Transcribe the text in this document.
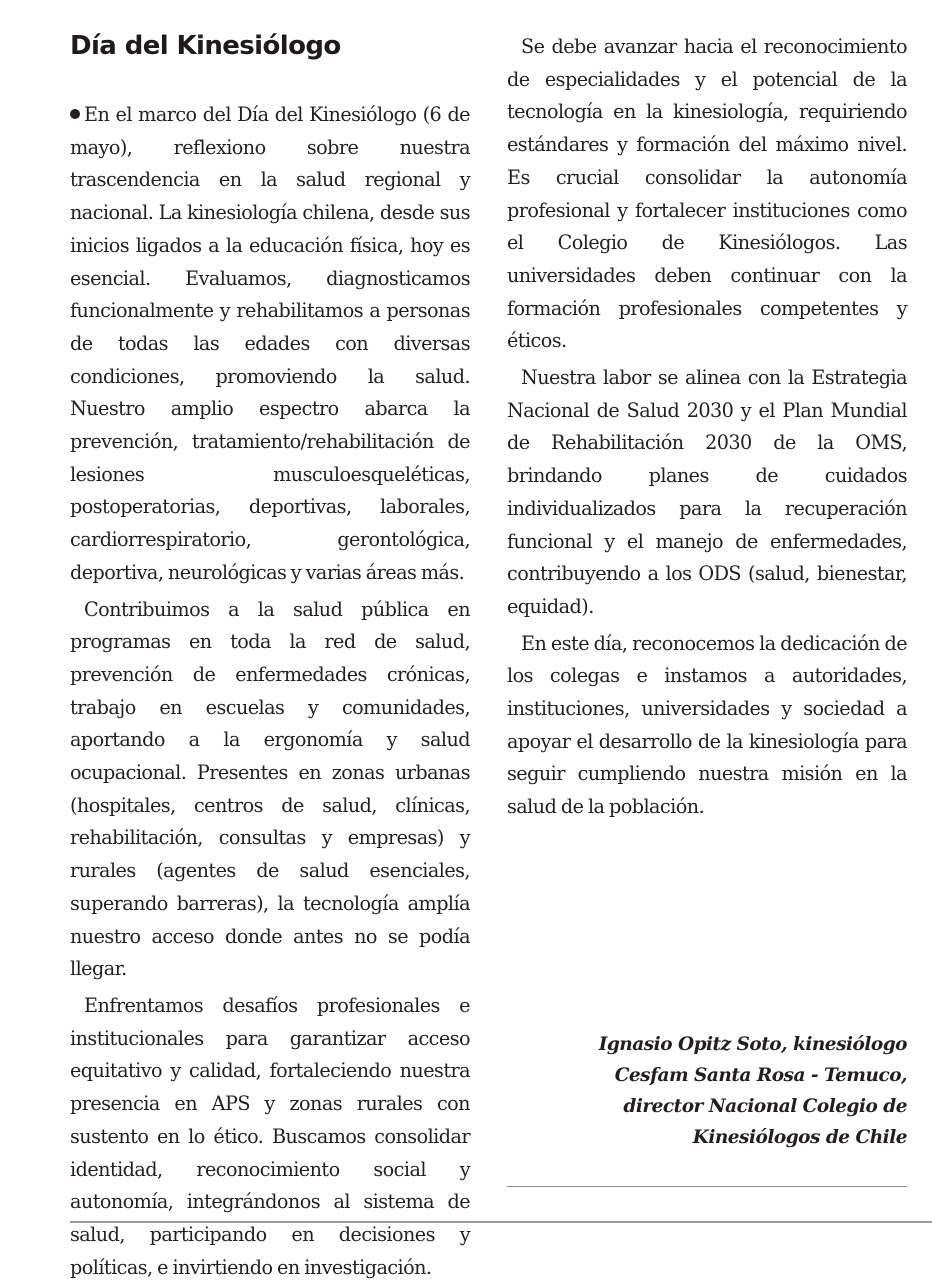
Día del Kinesiólogo

En el marco del Día del Kinesiólogo (6 de mayo), reflexiono sobre nuestra trascendencia en la salud regional y nacional. La kinesiología chilena, desde sus inicios ligados a la educación física, hoy es esencial. Evaluamos, diagnosticamos funcionalmente y rehabilitamos a personas de todas las edades con diversas condiciones, promoviendo la salud. Nuestro amplio espectro abarca la prevención, tratamiento/rehabilitación de lesiones musculoesqueléticas, postoperatorias, deportivas, laborales, cardiorrespiratorio, gerontológica, deportiva, neurológicas y varias áreas más.

Contribuimos a la salud pública en programas en toda la red de salud, prevención de enfermedades crónicas, trabajo en escuelas y comunidades, aportando a la ergonomía y salud ocupacional. Presentes en zonas urbanas (hospitales, centros de salud, clínicas, rehabilitación, consultas y empresas) y rurales (agentes de salud esenciales, superando barreras), la tecnología amplía nuestro acceso donde antes no se podía llegar.

Enfrentamos desafíos profesionales e institucionales para garantizar acceso equitativo y calidad, fortaleciendo nuestra presencia en APS y zonas rurales con sustento en lo ético. Buscamos consolidar identidad, reconocimiento social y autonomía, integrándonos al sistema de salud, participando en decisiones y políticas, e invirtiendo en investigación.

Se debe avanzar hacia el reconocimiento de especialidades y el potencial de la tecnología en la kinesiología, requiriendo estándares y formación del máximo nivel. Es crucial consolidar la autonomía profesional y fortalecer instituciones como el Colegio de Kinesiólogos. Las universidades deben continuar con la formación profesionales competentes y éticos.

Nuestra labor se alinea con la Estrategia Nacional de Salud 2030 y el Plan Mundial de Rehabilitación 2030 de la OMS, brindando planes de cuidados individualizados para la recuperación funcional y el manejo de enfermedades, contribuyendo a los ODS (salud, bienestar, equidad).

En este día, reconocemos la dedicación de los colegas e instamos a autoridades, instituciones, universidades y sociedad a apoyar el desarrollo de la kinesiología para seguir cumpliendo nuestra misión en la salud de la población.

Ignasio Opitz Soto, kinesiólogo
Cesfam Santa Rosa - Temuco,
director Nacional Colegio de
Kinesiólogos de Chile
